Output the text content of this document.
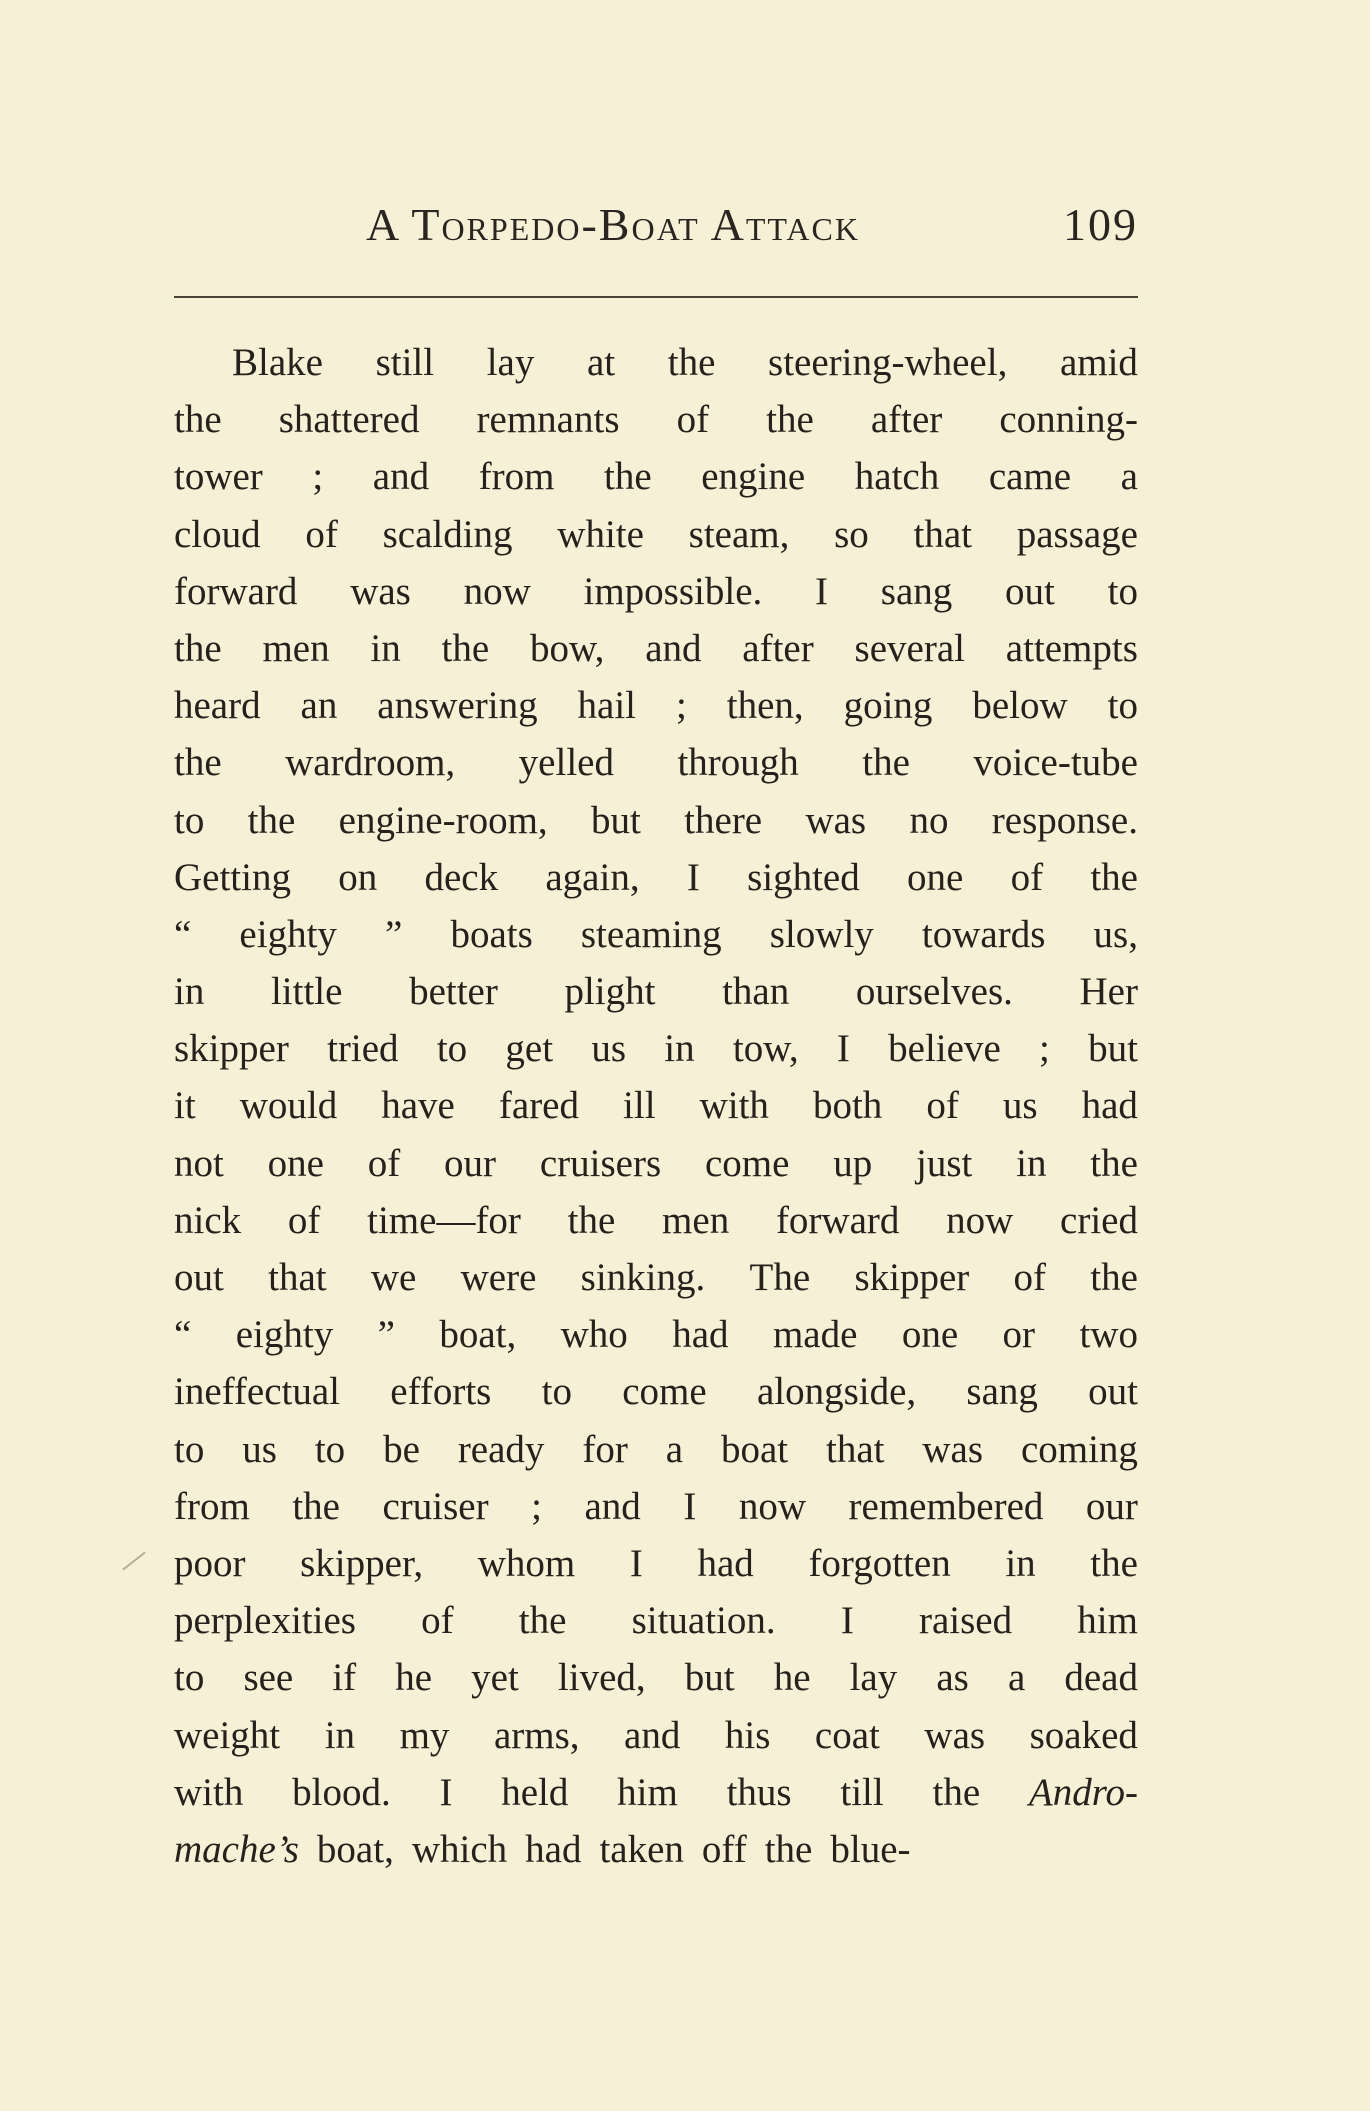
A Torpedo-Boat Attack	109
Blake still lay at the steering-wheel, amid
the shattered remnants of the after conning-
tower ; and from the engine hatch came a
cloud of scalding white steam, so that passage
forward was now impossible. I sang out to
the men in the bow, and after several attempts
heard an answering hail ; then, going below to
the wardroom, yelled through the voice-tube
to the engine-room, but there was no response.
Getting on deck again, I sighted one of the
“ eighty ” boats steaming slowly towards us,
in little better plight than ourselves. Her
skipper tried to get us in tow, I believe ; but
it would have fared ill with both of us had
not one of our cruisers come up just in the
nick of time—for the men forward now cried
out that we were sinking. The skipper of the
“ eighty ” boat, who had made one or two
ineffectual efforts to come alongside, sang out
to us to be ready for a boat that was coming
from the cruiser ; and I now remembered our
poor skipper, whom I had forgotten in the
perplexities of the situation. I raised him
to see if he yet lived, but he lay as a dead
weight in my arms, and his coat was soaked
with blood. I held him thus till the Andro-
mache’s boat, which had taken off the blue-
